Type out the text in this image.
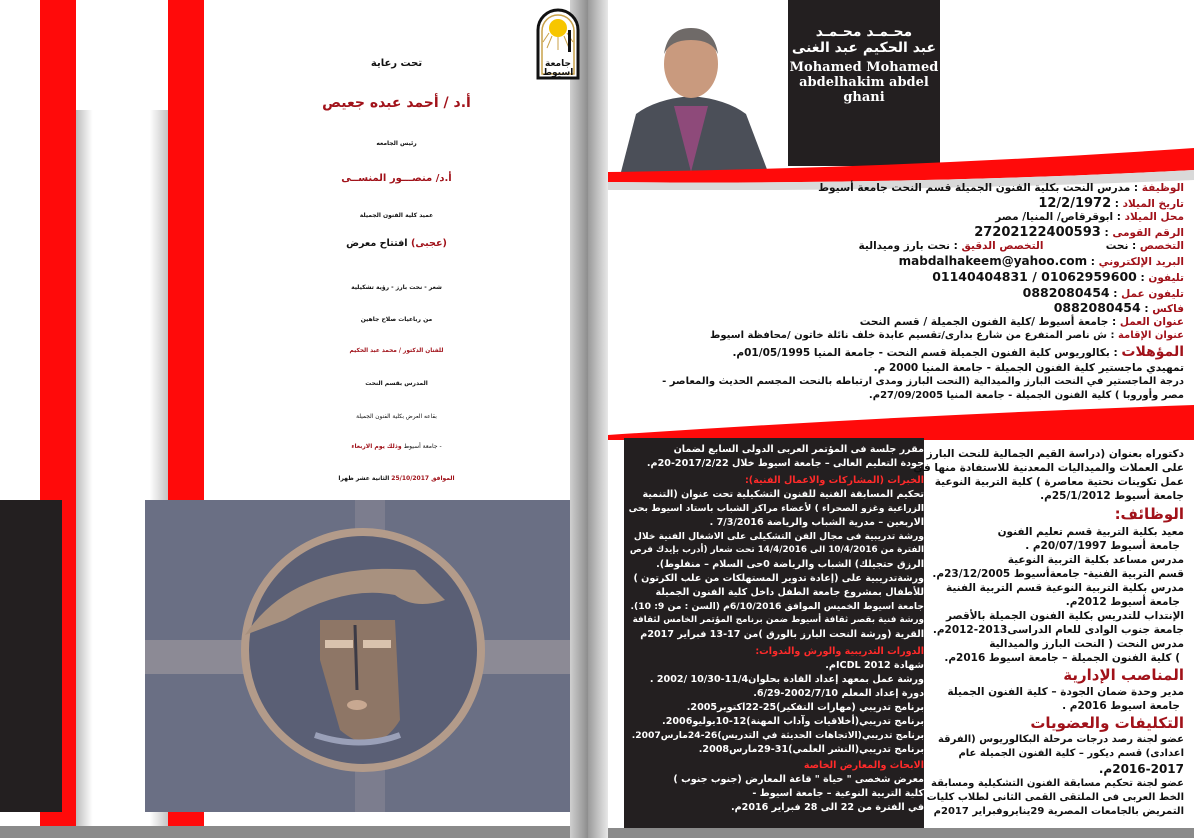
جامعة
اسيوط
تحت رعاية
أ.د / أحمد عبده جعيص
رئيس الجامعه
أ.د/ منصـــور المنســى
عميد كلية الفنون الجميلة
(عجبى) افتتاح معرض
شعر - نحت بارز - رؤية تشكيلية
من رباعيات صلاح جاهين
للفنان الدكتور / محمد عبد الحكيم
المدرس بقسم النحت
بقاعه العرض بكلية الفنون الجميلة
- جامعة أسيوط وذلك يوم الاربعاء
الموافق 25/10/2017 الثانية عشر ظهرا
محـمـد محـمـد
عبد الحكيم عبد الغنى
Mohamed Mohamed
abdelhakim abdel
ghani
الوظيفة : مدرس النحت بكلية الفنون الجميلة قسم النحت جامعة أسيوط
تاريخ الميلاد : 12/2/1972
محل الميلاد : ابوقرقاص/ المنيا/ مصر
الرقم القومى : 27202122400593
التخصص : نحت  التخصص الدقيق : نحت بارز وميدالية
البريد الإلكتروني : mabdalhakeem@yahoo.com
تليفون : 01062959600 / 01140404831
تليفون عمل : 0882080454
فاكس : 0882080454
عنوان العمل : جامعة أسيوط /كلية الفنون الجميلة / قسم النحت
عنوان الإقامة : ش ناصر المتفرع من شارع بدارى/تقسيم عابدة خلف نائلة خاتون /محافظة اسيوط
المؤهلات : بكالوريوس كلية الفنون الجميلة قسم النحت - جامعة المنيا 01/05/1995م.
تمهيدي ماجستير كلية الفنون الجميلة - جامعة المنيا 2000 م.
درجة الماجستير في النحت البارز والميدالية (النحت البارز ومدى ارتباطه بالنحت المجسم الحديث والمعاصر -
مصر وأوروبا ) كلية الفنون الجميلة - جامعة المنيا 27/09/2005م.
مقرر جلسة فى المؤتمر العربى الدولى السابع لضمان
جودة التعليم العالى – جامعة اسيوط خلال 2017/2/22-20م.
الخبرات (المشاركات والاعمال الفنية):
تحكيم المسابقة الفنية للفنون التشكيلية تحت عنوان (التنمية
الزراعية وغزو الصحراء ) لأعضاء مراكز الشباب باستاد اسيوط بحى
الاربعين – مدرية الشباب والرياضة 7/3/2016 .
ورشة تدريبية فى مجال الفن التشكيلى على الاشغال الفنية خلال
الفترة من 10/4/2016 الى 14/4/2016 تحت شعار (أدرب بإيدك فرص
الرزق حتجيلك) الشباب والرياضة 0حى السلام – منفلوط).
ورشةتدريبية على (إعادة تدوير المستهلكات من علب الكرتون )
للأطفال بمشروع جامعة الطفل داخل كلية الفنون الجميلة
جامعة اسيوط الخميس الموافق 6/10/2016م (السن : من 9: 10).
ورشة فنية بقصر ثقافة أسيوط ضمن برنامج المؤتمر الخامس لثقافة
القرية (ورشة النحت البارز بالورق )من 17-13 فبراير 2017م
الدورات التدريبية والورش والندوات:
شهادة 2012 ICDLم.
ورشة عمل بمعهد إعداد القادة بحلوان11/4-10/30 /2002 .
دورة إعداد المعلم 2002/7/10-6/29.
برنامج تدريبي (مهارات التفكير)25-22اكتوبر2005.
برنامج تدريبي(أخلاقيات وآداب المهنة)12-10يوليو2006.
برنامج تدريبي(الاتجاهات الحديثة في التدريس)26-24مارس2007.
برنامج تدريبي(النشر العلمي)31-29مارس2008.
الابحاث والمعارض الخاصة
معرض شخصى " حياة " قاعة المعارض (جنوب جنوب )
كلية التربية النوعية – جامعة اسيوط -
في الفترة من 22 الى 28 فبراير 2016م.
دكتوراه بعنوان (دراسة القيم الجمالية للنحت البارز
على العملات والميداليات المعدنية للاستفادة منها في
عمل تكوينات نحتية معاصرة ) كلية التربية النوعية
جامعة أسيوط 25/1/2012م.
الوظائف:
معيد بكلية التربية قسم تعليم الفنون
جامعة أسيوط 20/07/1997م .
مدرس مساعد بكلية التربية النوعية
قسم التربية الفنية- جامعةأسيوط 23/12/2005م.
مدرس بكلية التربية النوعية قسم التربية الفنية
جامعة أسيوط 2012م.
الإنتداب للتدريس بكلية الفنون الجميلة بالأقصر
جامعة جنوب الوادى للعام الدراسى2013-2012م.
مدرس النحت ( النحت البارز والميدالية
) كلية الفنون الجميلة – جامعة اسيوط 2016م.
المناصب الإدارية
مدير وحدة ضمان الجودة – كلية الفنون الجميلة
جامعة اسيوط 2016م .
التكليفات والعضويات
عضو لجنة رصد درجات مرحلة البكالوريوس (الفرقة
اعدادى) قسم ديكور – كلية الفنون الجميلة عام
2016-2017م.
عضو لجنة تحكيم مسابقة الفنون التشكيلية ومسابقة
الخط العربى فى الملتقى القمى الثانى لطلاب كليات
التمريض بالجامعات المصرية 29ينايروفبراير 2017م
